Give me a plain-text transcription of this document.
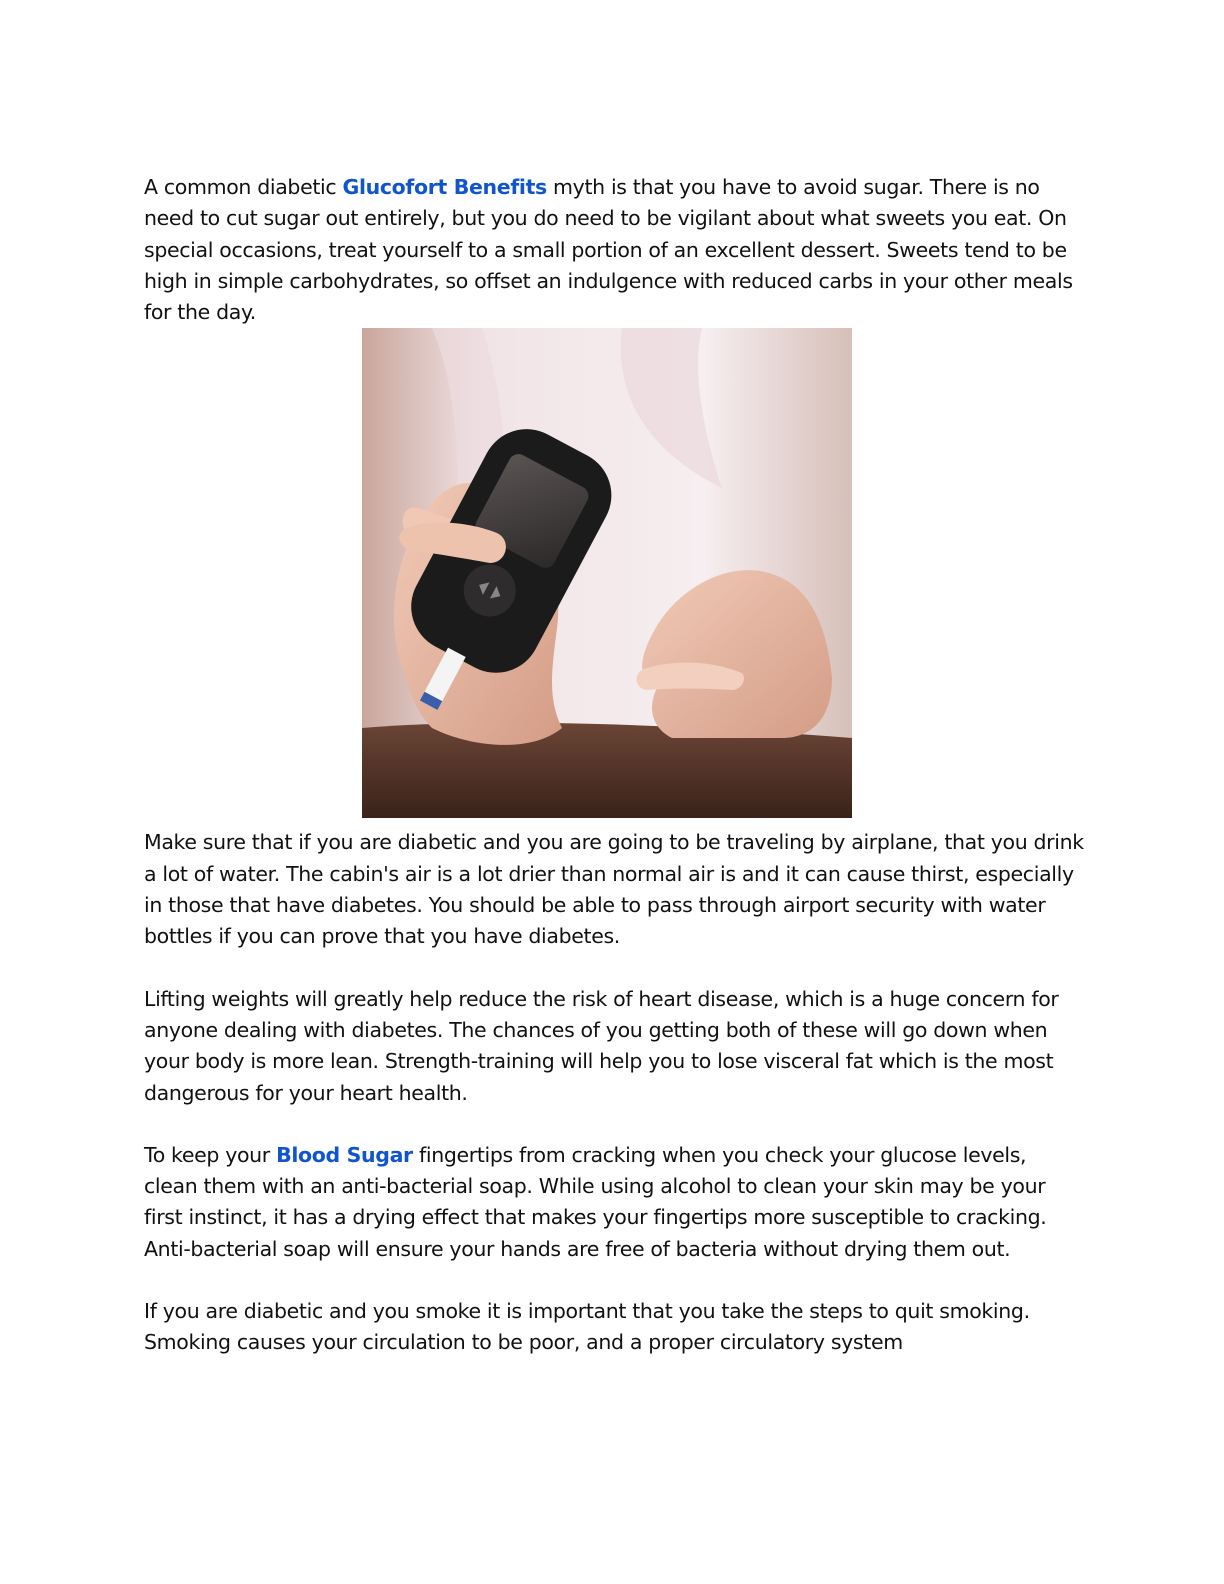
A common diabetic Glucofort Benefits myth is that you have to avoid sugar. There is no need to cut sugar out entirely, but you do need to be vigilant about what sweets you eat. On special occasions, treat yourself to a small portion of an excellent dessert. Sweets tend to be high in simple carbohydrates, so offset an indulgence with reduced carbs in your other meals for the day.

Make sure that if you are diabetic and you are going to be traveling by airplane, that you drink a lot of water. The cabin's air is a lot drier than normal air is and it can cause thirst, especially in those that have diabetes. You should be able to pass through airport security with water bottles if you can prove that you have diabetes.

Lifting weights will greatly help reduce the risk of heart disease, which is a huge concern for anyone dealing with diabetes. The chances of you getting both of these will go down when your body is more lean. Strength-training will help you to lose visceral fat which is the most dangerous for your heart health.

To keep your Blood Sugar fingertips from cracking when you check your glucose levels, clean them with an anti-bacterial soap. While using alcohol to clean your skin may be your first instinct, it has a drying effect that makes your fingertips more susceptible to cracking. Anti-bacterial soap will ensure your hands are free of bacteria without drying them out.

If you are diabetic and you smoke it is important that you take the steps to quit smoking. Smoking causes your circulation to be poor, and a proper circulatory system
